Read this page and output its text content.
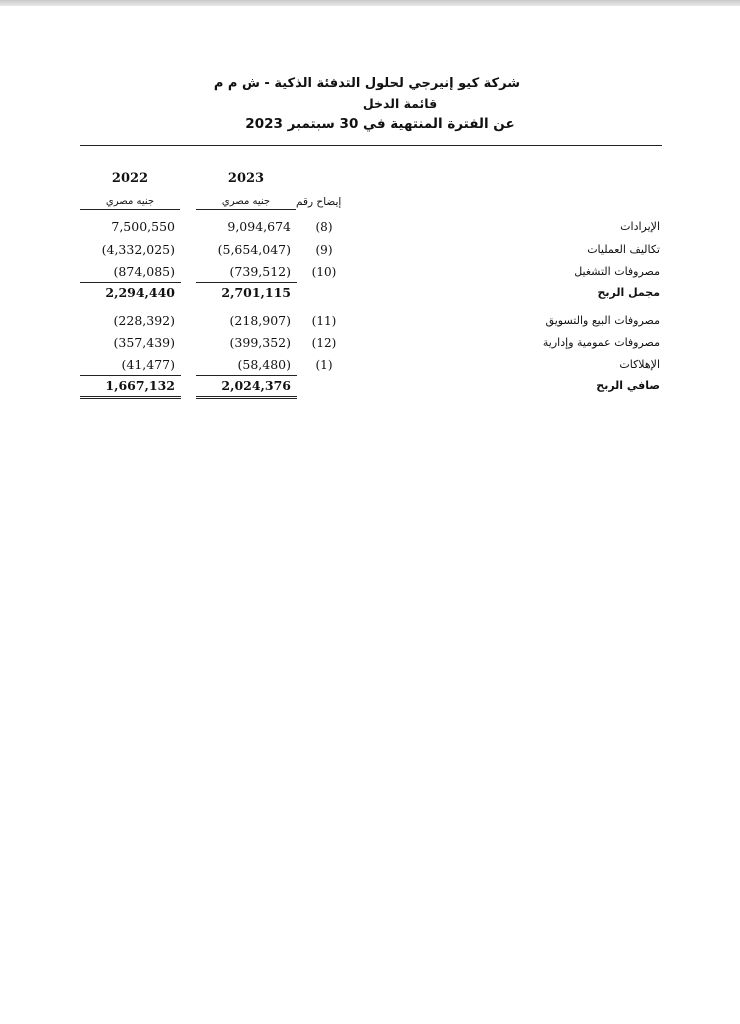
شركة كيو إنيرجي لحلول التدفئة الذكية - ش م م
قائمة الدخل
عن الفترة المنتهية في 30 سبتمبر 2023
2022	2023
جنيه مصري	جنيه مصري	إيضاح رقم
7,500,550	9,094,674	(8)	الإيرادات
(4,332,025)	(5,654,047)	(9)	تكاليف العمليات
(874,085)	(739,512)	(10)	مصروفات التشغيل
2,294,440	2,701,115	مجمل الربح
(228,392)	(218,907)	(11)	مصروفات البيع والتسويق
(357,439)	(399,352)	(12)	مصروفات عمومية وإدارية
(41,477)	(58,480)	(1)	الإهلاكات
1,667,132	2,024,376	صافي الربح
